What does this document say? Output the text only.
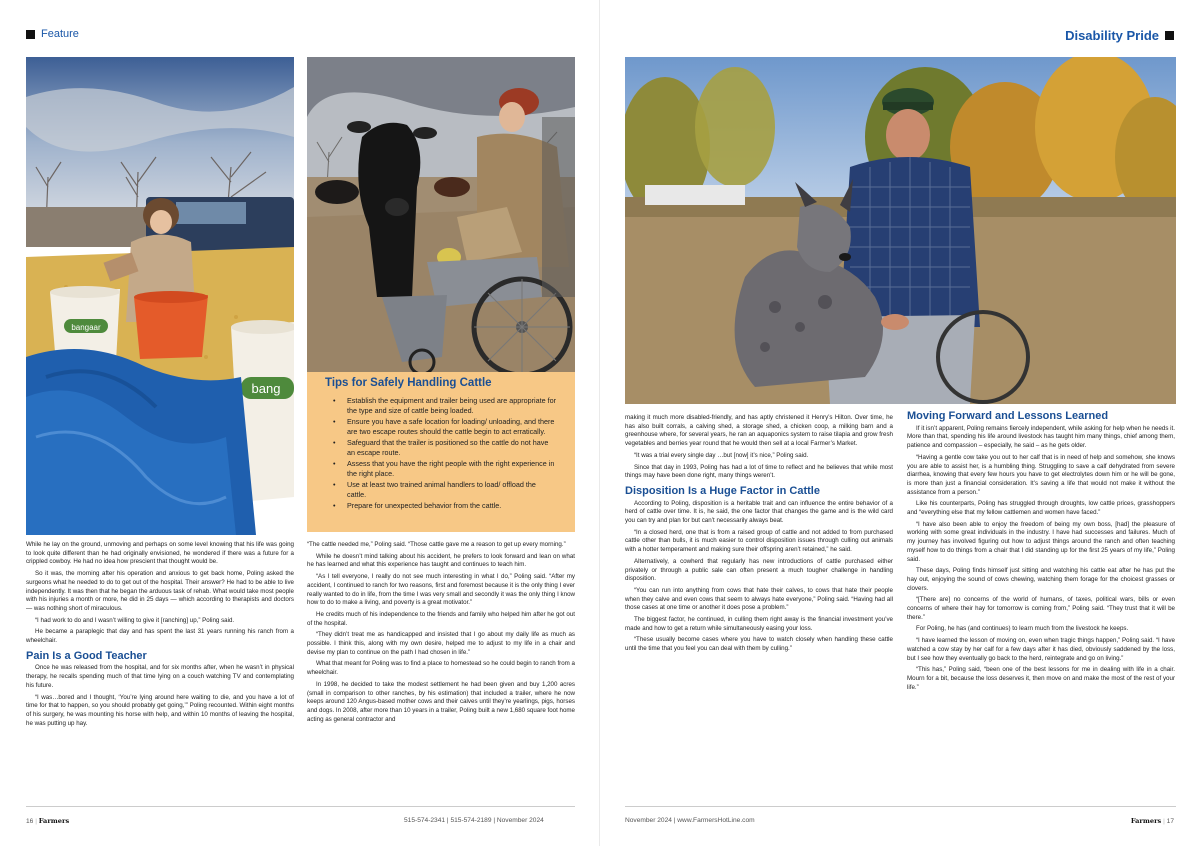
Feature
bangaar
bang	Tips for Safely Handling Cattle
• Establish the equipment and trailer being used are appropriate for the type and size of cattle being loaded.
• Ensure you have a safe location for loading/ unloading, and there are two escape routes should the cattle begin to act erratically.
• Safeguard that the trailer is positioned so the cattle do not have an escape route.
• Assess that you have the right people with the right experience in the right place.
• Use at least two trained animal handlers to load/ offload the cattle.
• Prepare for unexpected behavior from the cattle.

While he lay on the ground, unmoving and perhaps on some level knowing that his life was going to look quite different than he had originally envisioned, he wondered if there was a future for a crippled cowboy. He had no idea how prescient that thought would be.

So it was, the morning after his operation and anxious to get back home, Poling asked the surgeons what he needed to do to get out of the hospital. Their answer? He had to be able to live independently. It was then that he began the arduous task of rehab. What would take most people with his injuries a month or more, he did in 25 days — which according to therapists and doctors — was nothing short of miraculous.

“I had work to do and I wasn’t willing to give it [ranching] up,” Poling said.

He became a paraplegic that day and has spent the last 31 years running his ranch from a wheelchair.

Pain Is a Good Teacher

Once he was released from the hospital, and for six months after, when he wasn’t in physical therapy, he recalls spending much of that time lying on a couch watching TV and contemplating his future.

“I was…bored and I thought, ‘You’re lying around here waiting to die, and you have a lot of time for that to happen, so you should probably get going,’” Poling recounted. Within eight months of his surgery, he was mounting his horse with help, and within 10 months of leaving the hospital, he was putting up hay.

“The cattle needed me,” Poling said. “Those cattle gave me a reason to get up every morning.”

While he doesn’t mind talking about his accident, he prefers to look forward and lean on what he has learned and what this experience has taught and continues to teach him.

“As I tell everyone, I really do not see much interesting in what I do,” Poling said. “After my accident, I continued to ranch for two reasons, first and foremost because it is the only thing I ever really wanted to do in life, from the time I was very small and secondly it was the only thing I know how to do to make a living, and poverty is a great motivator.”

He credits much of his independence to the friends and family who helped him after he got out of the hospital.

“They didn’t treat me as handicapped and insisted that I go about my daily life as much as possible. I think this, along with my own desire, helped me to adjust to my life in a chair and devise my plan to continue on the path I had chosen in life.”

What that meant for Poling was to find a place to homestead so he could begin to ranch from a wheelchair.

In 1998, he decided to take the modest settlement he had been given and buy 1,200 acres (small in comparison to other ranches, by his estimation) that included a trailer, where he now keeps around 120 Angus-based mother cows and their calves until they’re yearlings, pigs, horses and dogs. In 2008, after more than 10 years in a trailer, Poling built a new 1,680 square foot home acting as general contractor and

16 | Farmers	515-574-2341 | 515-574-2189 | November 2024
Disability Pride

making it much more disabled-friendly, and has aptly christened it Henry’s Hilton. Over time, he has also built corrals, a calving shed, a storage shed, a chicken coop, a milking barn and a greenhouse where, for several years, he ran an aquaponics system to raise tilapia and grow fresh vegetables and berries year round that he would then sell at a local Farmer’s Market.

“It was a trial every single day …but [now] it’s nice,” Poling said.

Since that day in 1993, Poling has had a lot of time to reflect and he believes that while most things may have been done right, many things weren’t.

Disposition Is a Huge Factor in Cattle

According to Poling, disposition is a heritable trait and can influence the entire behavior of a herd of cattle over time. It is, he said, the one factor that changes the game and is the wild card you can try and plan for but can’t necessarily always beat.

“In a closed herd, one that is from a raised group of cattle and not added to from purchased cattle other than bulls, it is much easier to control disposition issues through culling out animals with a hotter temperament and making sure their offspring aren’t retained,” he said.

Alternatively, a cowherd that regularly has new introductions of cattle purchased either privately or through a public sale can often present a much tougher challenge in handling disposition.

“You can run into anything from cows that hate their calves, to cows that hate their people when they calve and even cows that seem to always hate everyone,” Poling said. “Having had all those cases at one time or another it does pose a problem.”

The biggest factor, he continued, in culling them right away is the financial investment you’ve made and how to get a return while simultaneously easing your loss.

“These usually become cases where you have to watch closely when handling these cattle until the time that you feel you can deal with them by culling.”

Moving Forward and Lessons Learned

If it isn’t apparent, Poling remains fiercely independent, while asking for help when he needs it. More than that, spending his life around livestock has taught him many things, chief among them, patience and compassion – especially, he said – as he gets older.

“Having a gentle cow take you out to her calf that is in need of help and somehow, she knows you are able to assist her, is a humbling thing. Struggling to save a calf dehydrated from severe diarrhea, knowing that every few hours you have to get electrolytes down him or he will be gone, is more than just a financial consideration. It’s saving a life that would not make it without the assistance from a person.”

Like his counterparts, Poling has struggled through droughts, low cattle prices, grasshoppers and “everything else that my fellow cattlemen and women have faced.”

“I have also been able to enjoy the freedom of being my own boss, [had] the pleasure of working with some great individuals in the industry. I have had successes and failures. Much of my journey has involved figuring out how to adjust things around the ranch and often teaching myself how to do things from a chair that I did standing up for the first 25 years of my life,” Poling said.

These days, Poling finds himself just sitting and watching his cattle eat after he has put the hay out, enjoying the sound of cows chewing, watching them forage for the choicest grasses or clovers.

“[There are] no concerns of the world of humans, of taxes, political wars, bills or even concerns of where their hay for tomorrow is coming from,” Poling said. “They trust that it will be there.”

For Poling, he has (and continues) to learn much from the livestock he keeps.

“I have learned the lesson of moving on, even when tragic things happen,” Poling said. “I have watched a cow stay by her calf for a few days after it has died, obviously saddened by the loss, but I see how they eventually go back to the herd, reintegrate and go on living.”

“This has,” Poling said, “been one of the best lessons for me in dealing with life in a chair. Mourn for a bit, because the loss deserves it, then move on and make the most of the rest of your life.”

November 2024 | www.FarmersHotLine.com	Farmers | 17
